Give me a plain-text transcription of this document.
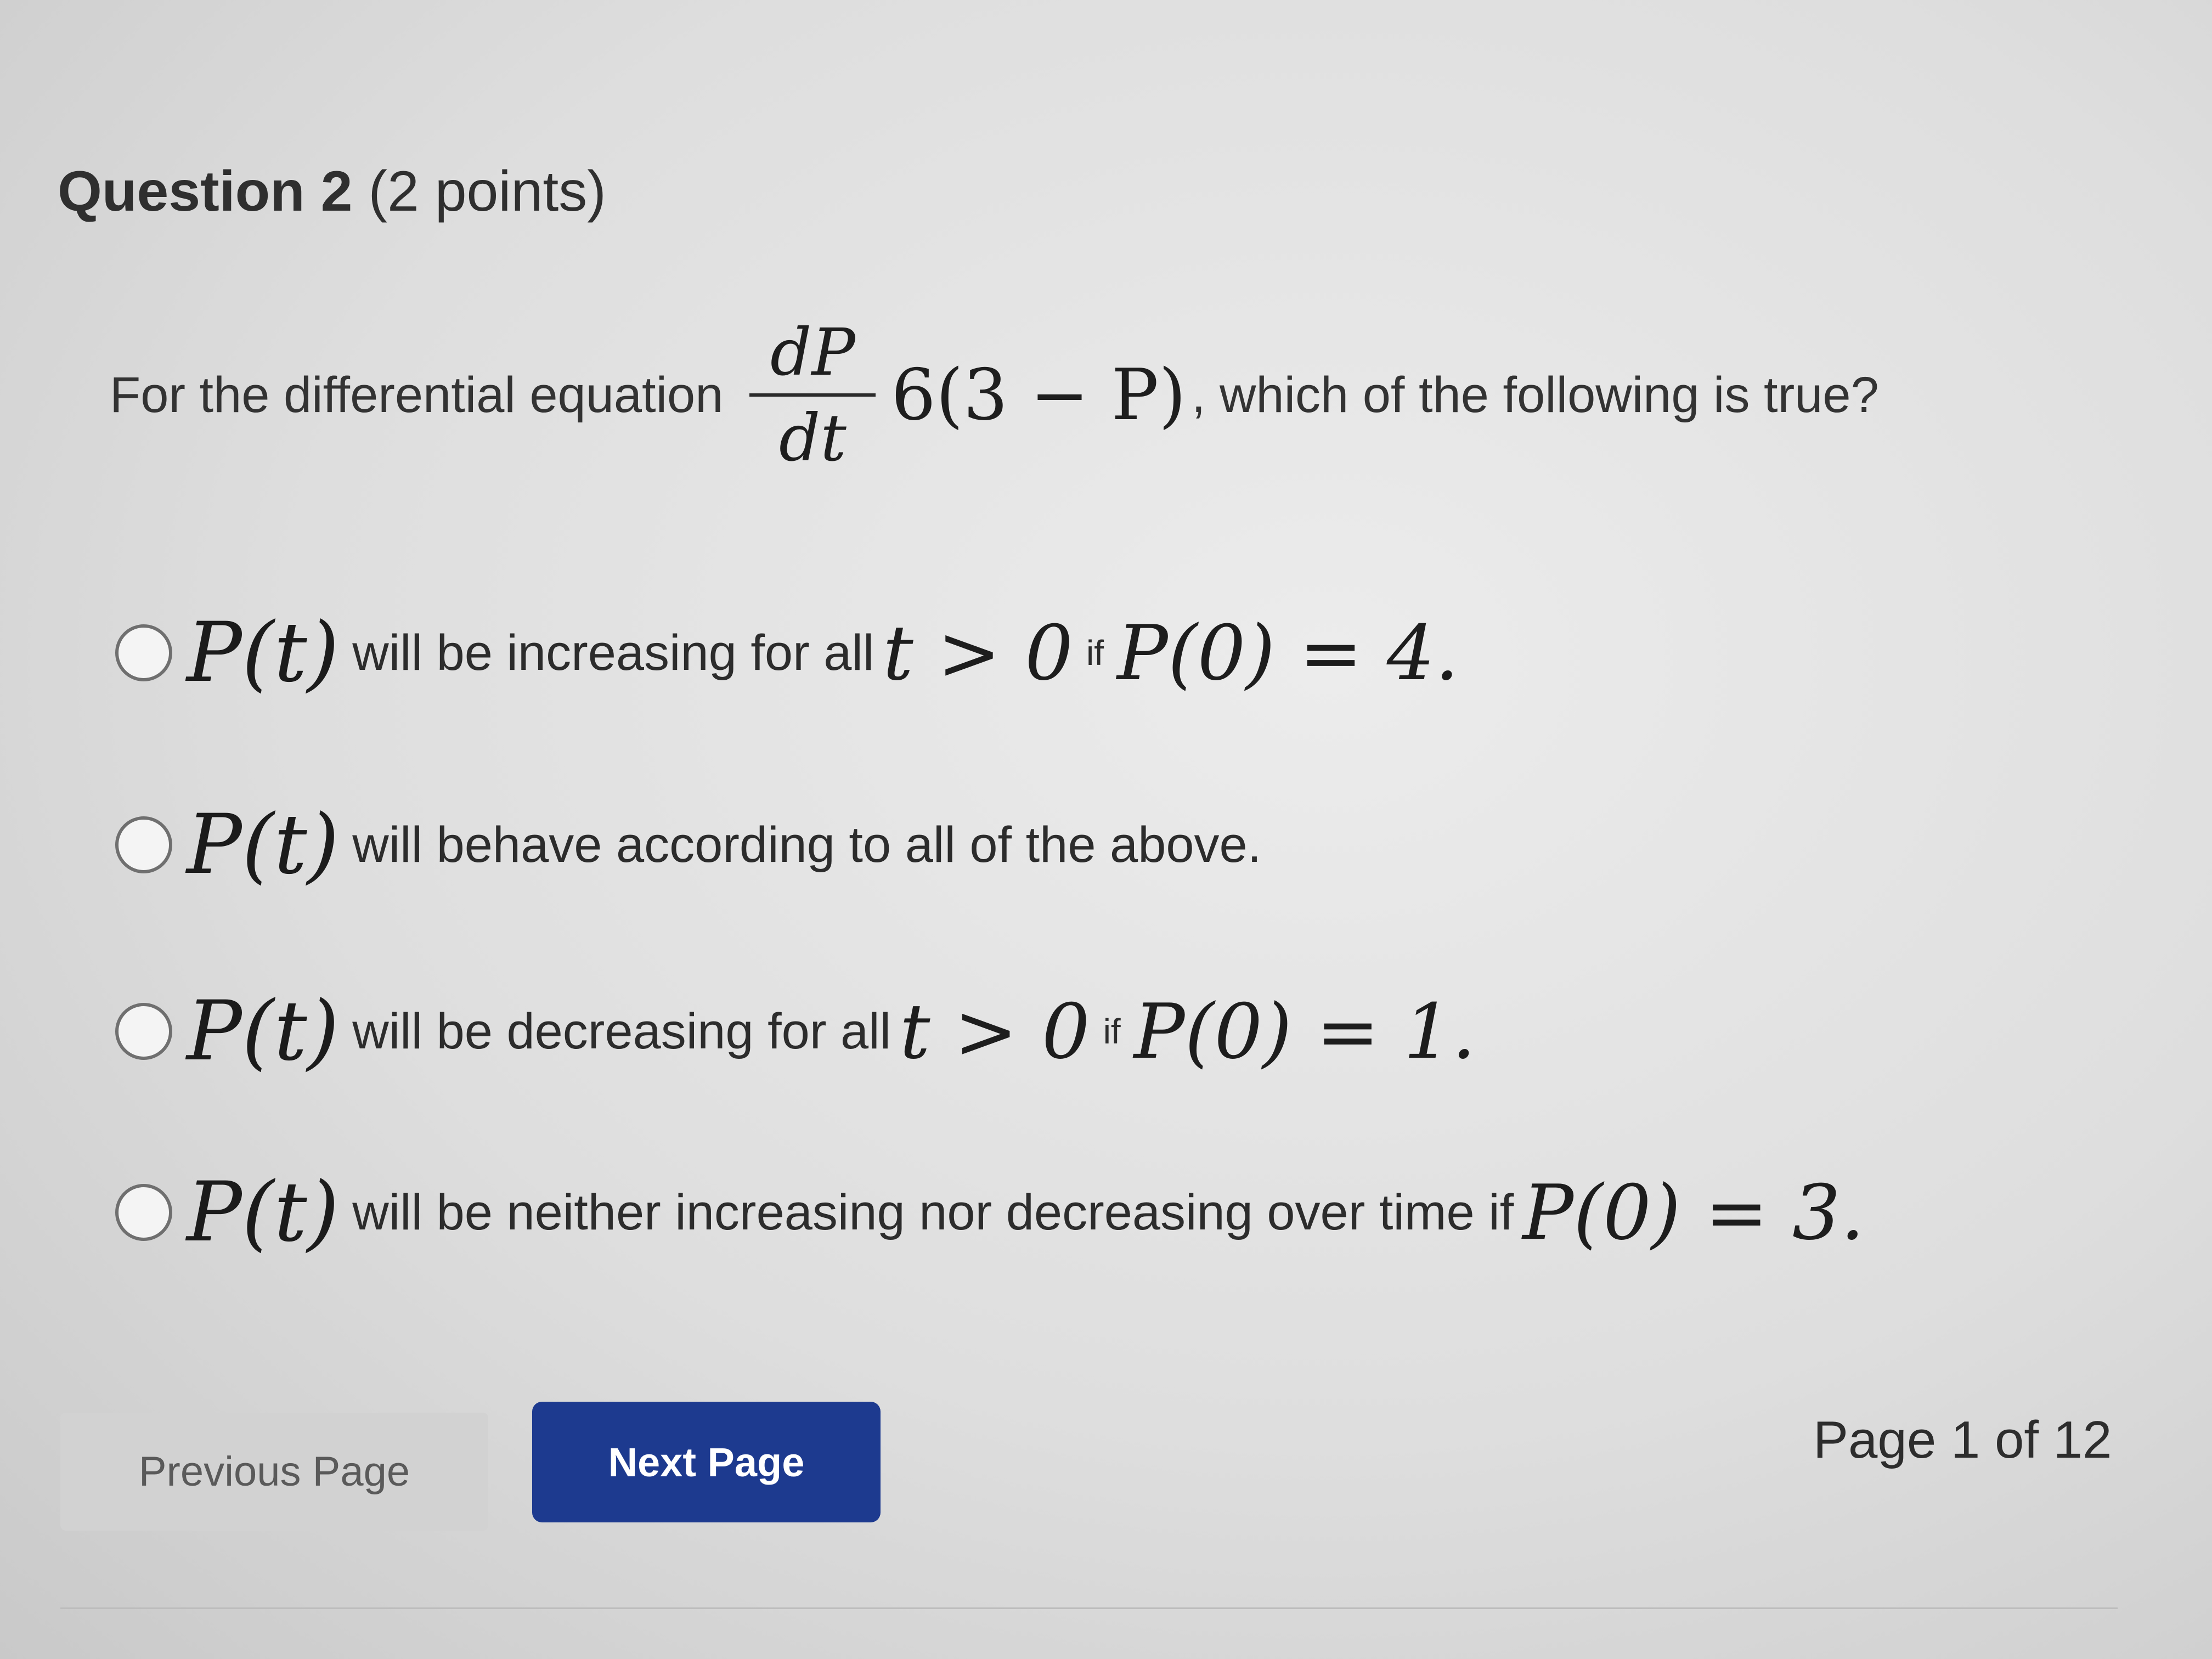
Question 2 (2 points)
For the differential equation
dP
dt
6(3 − P) , which of the following is true?
P(t) will be increasing for all t > 0 if P(0) = 4.
P(t) will behave according to all of the above.
P(t) will be decreasing for all t > 0 if P(0) = 1.
P(t) will be neither increasing nor decreasing over time if P(0) = 3.
Previous Page	Next Page	Page 1 of 12
